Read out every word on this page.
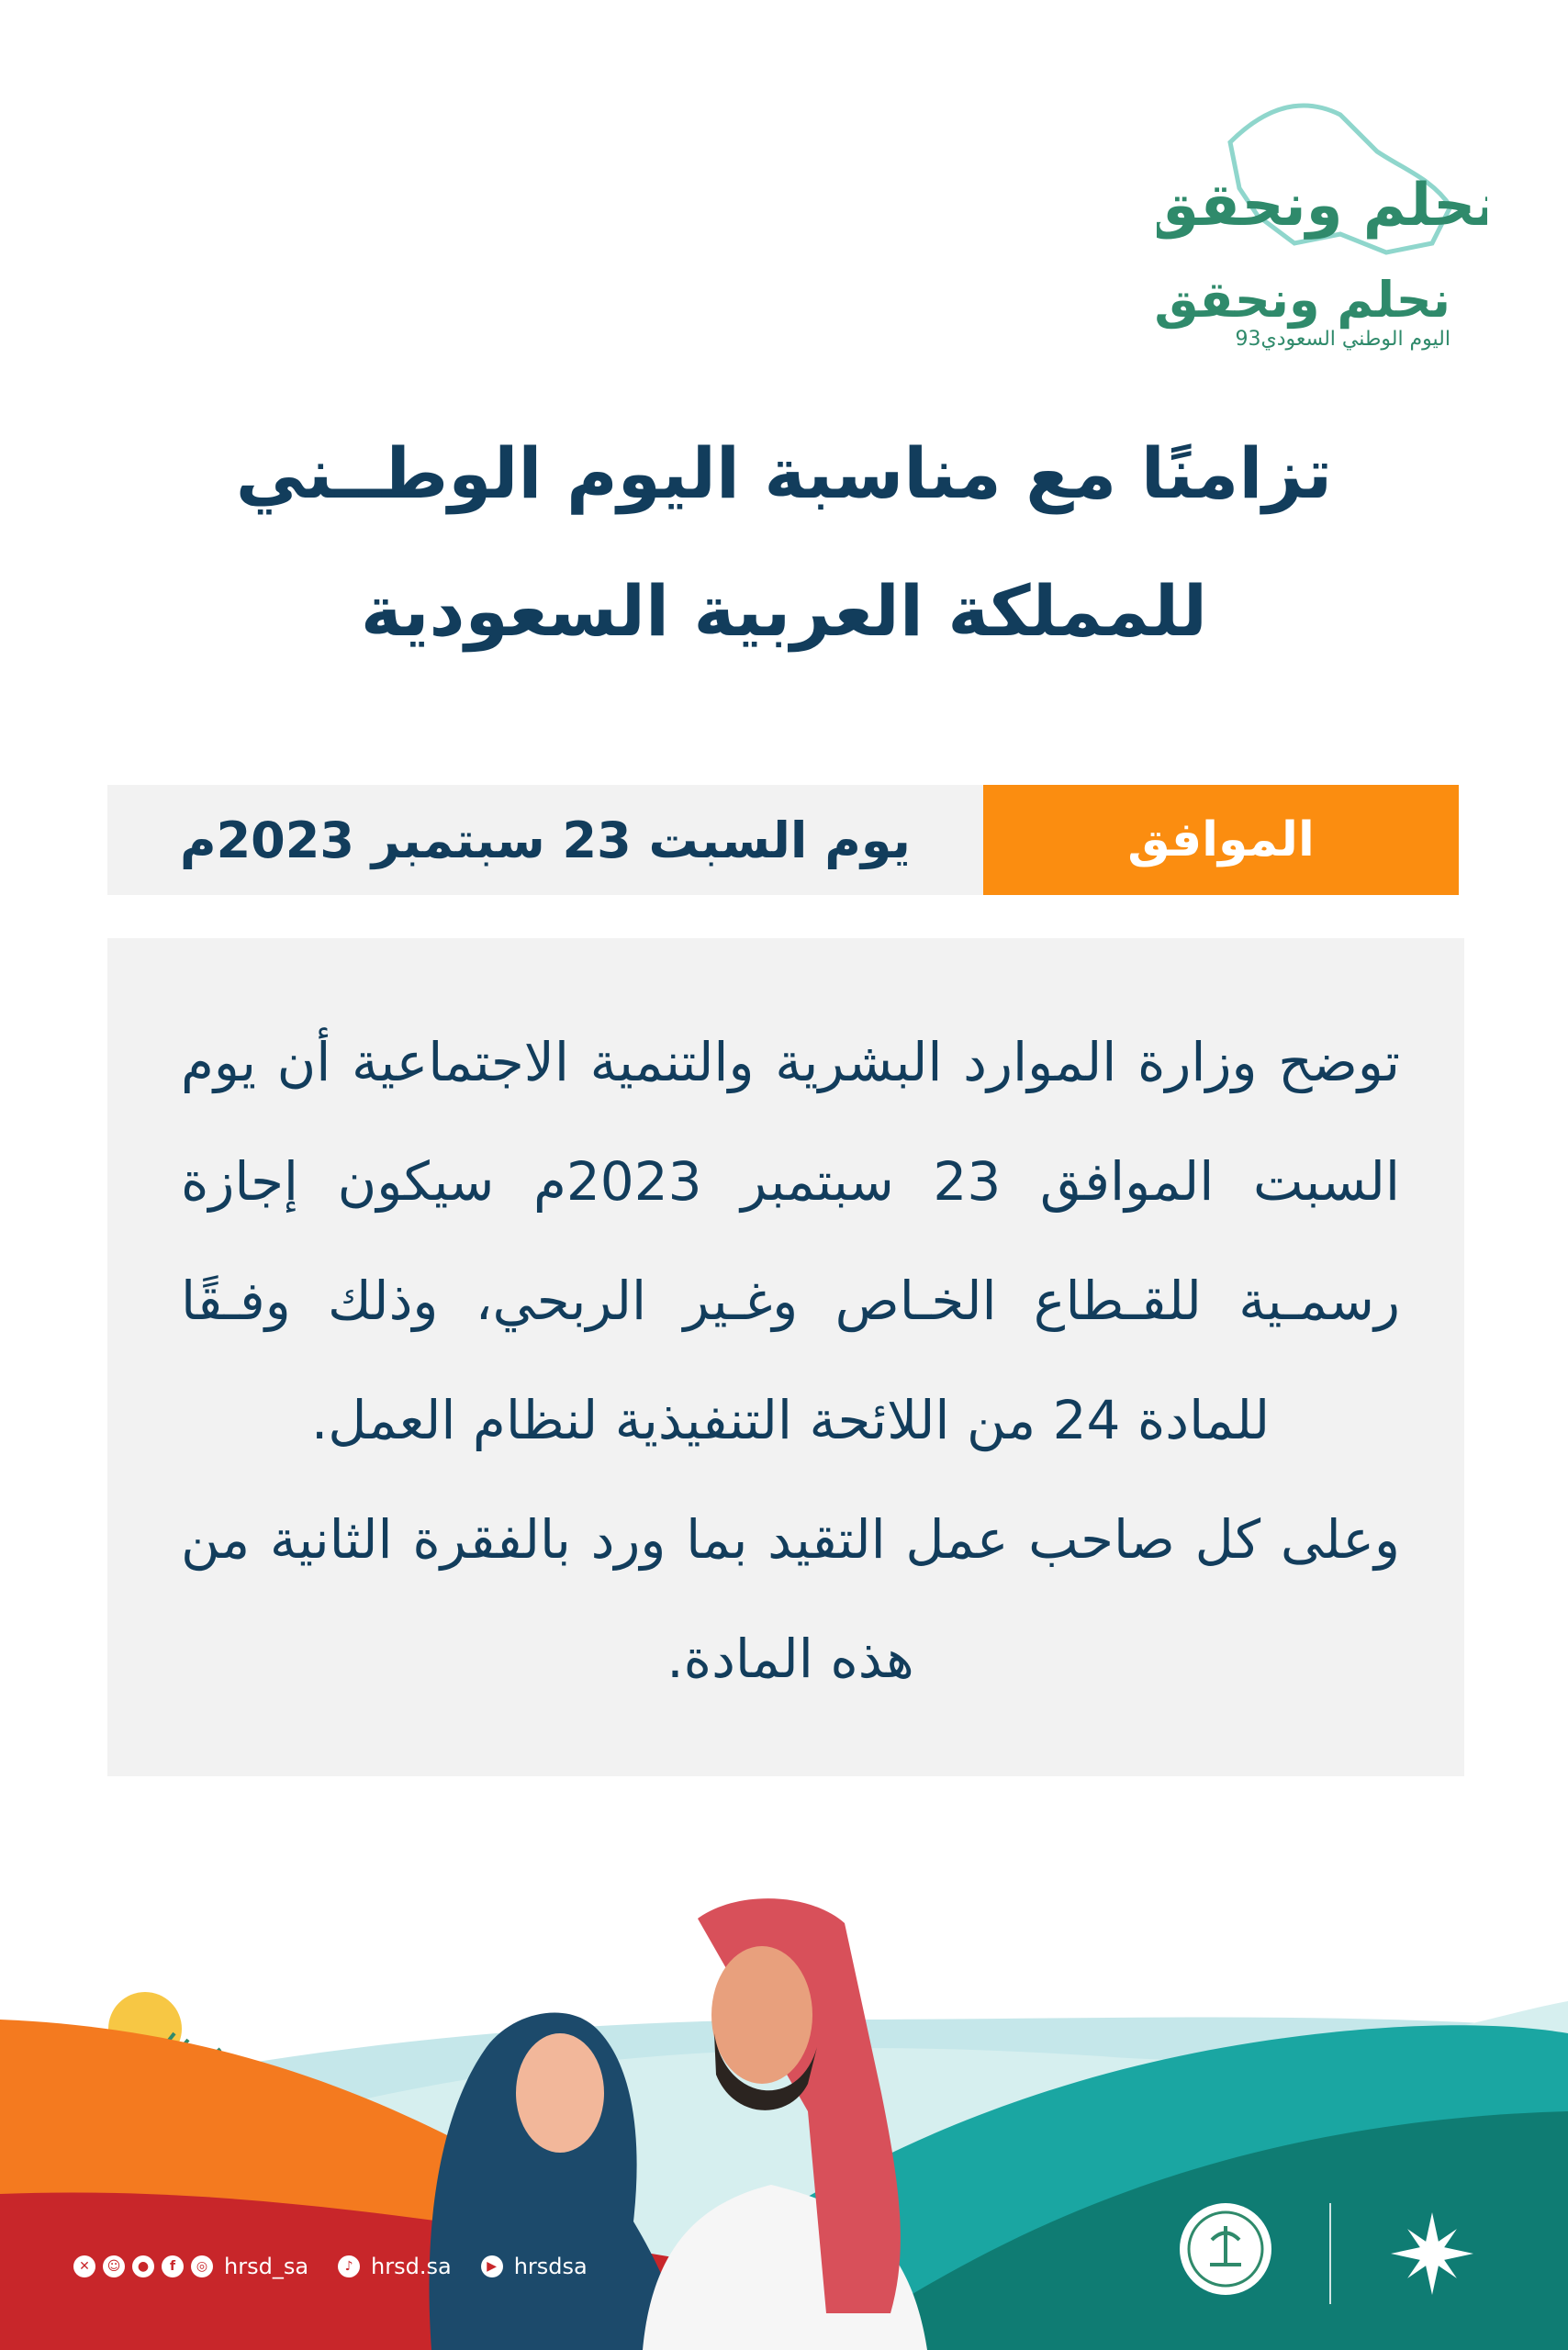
نحلم ونحقق
نحلم ونحقق
اليوم الوطني السعودي93
تزامنًا مع مناسبة اليوم الوطــني
للمملكة العربية السعودية
الموافق
يوم السبت 23 سبتمبر 2023م
توضح وزارة الموارد البشرية والتنمية الاجتماعية أن يوم السبت الموافق 23 سبتمبر 2023م سيكون إجازة رسمـية للقـطاع الخـاص وغـير الربحي، وذلك وفـقًا للمادة 24 من اللائحة التنفيذية لنظام العمل.
وعلى كل صاحب عمل التقيد بما ورد بالفقرة الثانية من هذه المادة.
✕	☺	●	f	◎ hrsd_sa	♪ hrsd.sa	▶ hrsdsa
